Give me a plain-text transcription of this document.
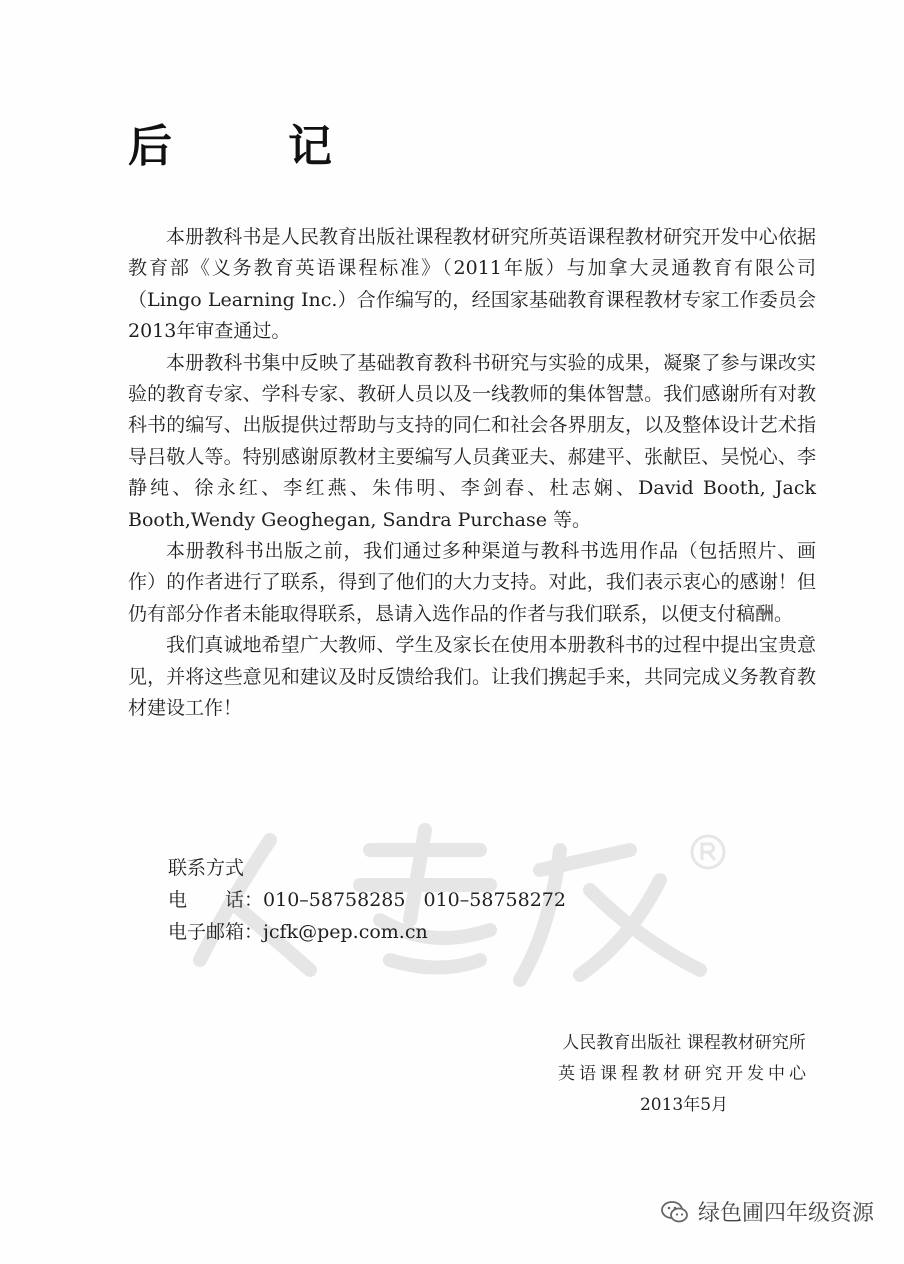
后　记

本册教科书是人民教育出版社课程教材研究所英语课程教材研究开发中心依据教育部《义务教育英语课程标准》（2011年版）与加拿大灵通教育有限公司（Lingo Learning Inc.）合作编写的，经国家基础教育课程教材专家工作委员会2013年审查通过。

本册教科书集中反映了基础教育教科书研究与实验的成果，凝聚了参与课改实验的教育专家、学科专家、教研人员以及一线教师的集体智慧。我们感谢所有对教科书的编写、出版提供过帮助与支持的同仁和社会各界朋友，以及整体设计艺术指导吕敬人等。特别感谢原教材主要编写人员龚亚夫、郝建平、张献臣、吴悦心、李静纯、徐永红、李红燕、朱伟明、李剑春、杜志娴、David Booth, Jack Booth,Wendy Geoghegan, Sandra Purchase 等。

本册教科书出版之前，我们通过多种渠道与教科书选用作品（包括照片、画作）的作者进行了联系，得到了他们的大力支持。对此，我们表示衷心的感谢！但仍有部分作者未能取得联系，恳请入选作品的作者与我们联系，以便支付稿酬。

我们真诚地希望广大教师、学生及家长在使用本册教科书的过程中提出宝贵意见，并将这些意见和建议及时反馈给我们。让我们携起手来，共同完成义务教育教材建设工作！

联系方式
电　　话：010–58758285 010–58758272
电子邮箱：jcfk@pep.com.cn
人民教育出版社 课程教材研究所
英语课程教材研究开发中心
2013年5月
绿色圃四年级资源
